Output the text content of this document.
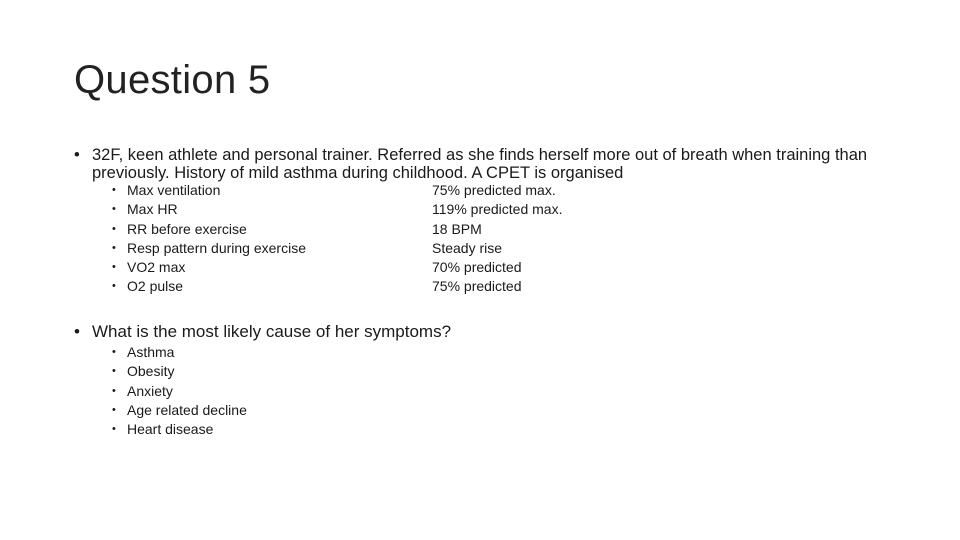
Question 5
• 32F, keen athlete and personal trainer. Referred as she finds herself more out of breath when training than previously. History of mild asthma during childhood. A CPET is organised
• Max ventilation	75% predicted max.
• Max HR	119% predicted max.
• RR before exercise	18 BPM
• Resp pattern during exercise	Steady rise
• VO2 max	70% predicted
• O2 pulse	75% predicted
• What is the most likely cause of her symptoms?
• Asthma
• Obesity
• Anxiety
• Age related decline
• Heart disease
